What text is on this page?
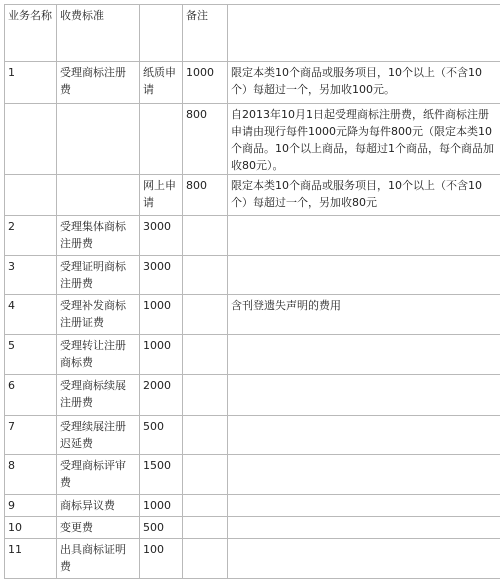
业务名称	收费标准		备注	
1	受理商标注册费	纸质申请	1000	限定本类10个商品或服务项目，10个以上（不含10个）每超过一个，另加收100元。
			800	自2013年10月1日起受理商标注册费，纸件商标注册申请由现行每件1000元降为每件800元（限定本类10个商品。10个以上商品，每超过1个商品，每个商品加收80元）。
		网上申请	800	限定本类10个商品或服务项目，10个以上（不含10个）每超过一个，另加收80元
2	受理集体商标注册费	3000		
3	受理证明商标注册费	3000		
4	受理补发商标注册证费	1000		含刊登遗失声明的费用
5	受理转让注册商标费	1000		
6	受理商标续展注册费	2000		
7	受理续展注册迟延费	500		
8	受理商标评审费	1500		
9	商标异议费	1000		
10	变更费	500		
11	出具商标证明费	100		
